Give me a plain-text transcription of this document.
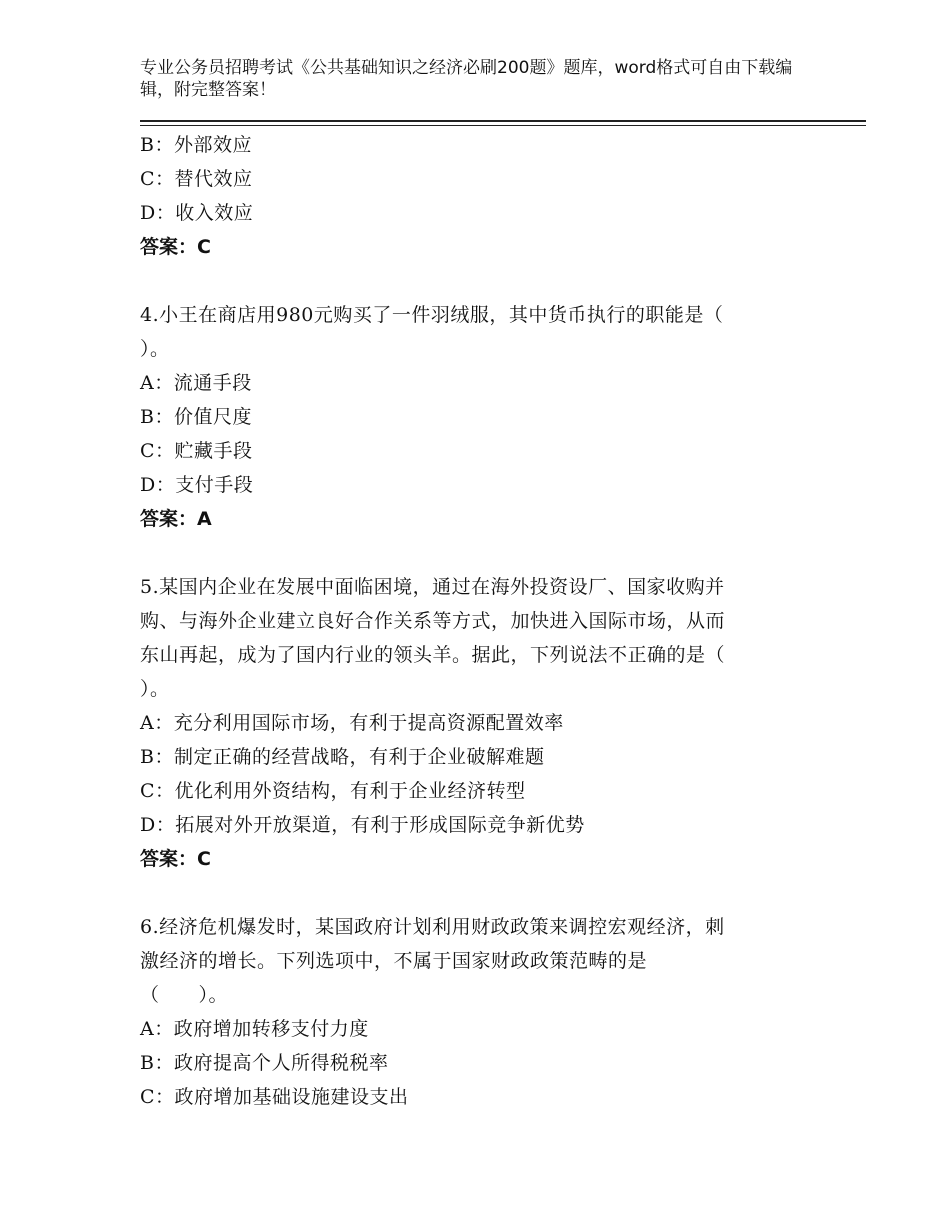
专业公务员招聘考试《公共基础知识之经济必刷200题》题库，word格式可自由下载编辑，附完整答案！
B：外部效应
C：替代效应
D：收入效应
答案：C
4.小王在商店用980元购买了一件羽绒服，其中货币执行的职能是（
）。
A：流通手段
B：价值尺度
C：贮藏手段
D：支付手段
答案：A
5.某国内企业在发展中面临困境，通过在海外投资设厂、国家收购并
购、与海外企业建立良好合作关系等方式，加快进入国际市场，从而
东山再起，成为了国内行业的领头羊。据此，下列说法不正确的是（
）。
A：充分利用国际市场，有利于提高资源配置效率
B：制定正确的经营战略，有利于企业破解难题
C：优化利用外资结构，有利于企业经济转型
D：拓展对外开放渠道，有利于形成国际竞争新优势
答案：C
6.经济危机爆发时，某国政府计划利用财政政策来调控宏观经济，刺
激经济的增长。下列选项中，不属于国家财政政策范畴的是
（　　）。
A：政府增加转移支付力度
B：政府提高个人所得税税率
C：政府增加基础设施建设支出
